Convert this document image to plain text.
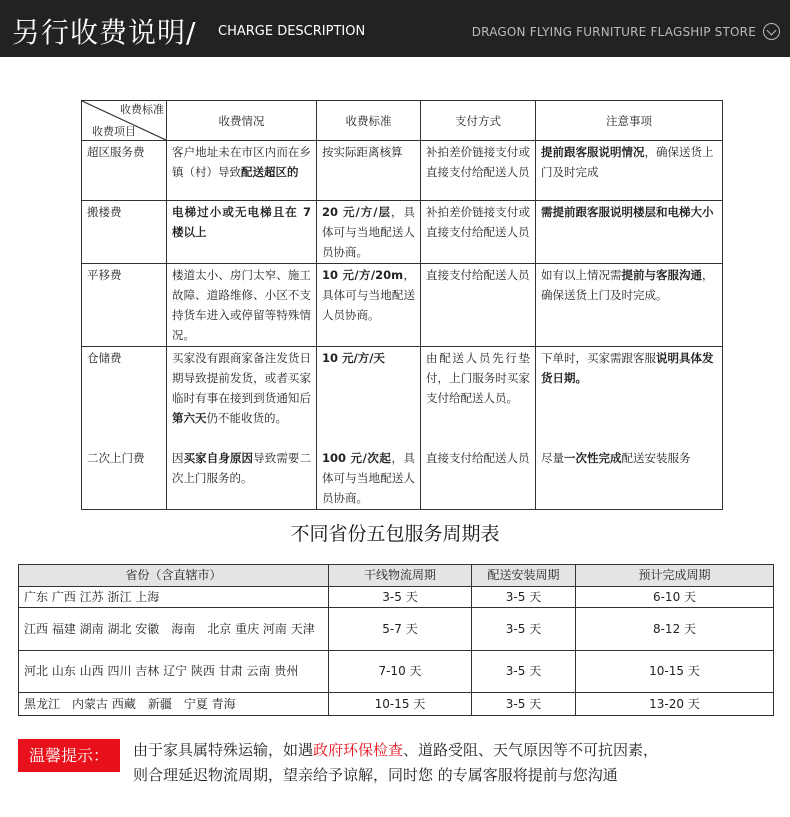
另行收费说明/ CHARGE DESCRIPTION	DRAGON FLYING FURNITURE FLAGSHIP STORE
收费标准
收费项目	收费情况	收费标准	支付方式	注意事项
超区服务费	客户地址未在市区内而在乡镇（村）导致配送超区的	按实际距离核算	补拍差价链接支付或直接支付给配送人员	提前跟客服说明情况，确保送货上门及时完成

搬楼费	电梯过小或无电梯且在 7 楼以上	20 元/方/层，具体可与当地配送人员协商。	补拍差价链接支付或直接支付给配送人员	需提前跟客服说明楼层和电梯大小

平移费	楼道太小、房门太窄、施工故障、道路维修、小区不支持货车进入或停留等特殊情况。	10 元/方/20m，具体可与当地配送人员协商。	直接支付给配送人员	如有以上情况需提前与客服沟通，确保送货上门及时完成。

仓储费	买家没有跟商家备注发货日期导致提前发货，或者买家临时有事在接到到货通知后第六天仍不能收货的。	10 元/方/天	由配送人员先行垫付，上门服务时买家支付给配送人员。	下单时，买家需跟客服说明具体发货日期。

二次上门费	因买家自身原因导致需要二次上门服务的。	100 元/次起，具体可与当地配送人员协商。	直接支付给配送人员	尽量一次性完成配送安装服务
不同省份五包服务周期表
省份（含直辖市）	干线物流周期	配送安装周期	预计完成周期
广东 广西 江苏 浙江 上海	3-5 天	3-5 天	6-10 天
江西 福建 湖南 湖北 安徽　海南　北京 重庆 河南 天津	5-7 天	3-5 天	8-12 天
河北 山东 山西 四川 吉林 辽宁 陕西 甘肃 云南 贵州	7-10 天	3-5 天	10-15 天
黑龙江　内蒙古 西藏　新疆　宁夏 青海	10-15 天	3-5 天	13-20 天
温馨提示：	由于家具属特殊运输，如遇政府环保检查、道路受阻、天气原因等不可抗因素，
则合理延迟物流周期，望亲给予谅解，同时您 的专属客服将提前与您沟通
